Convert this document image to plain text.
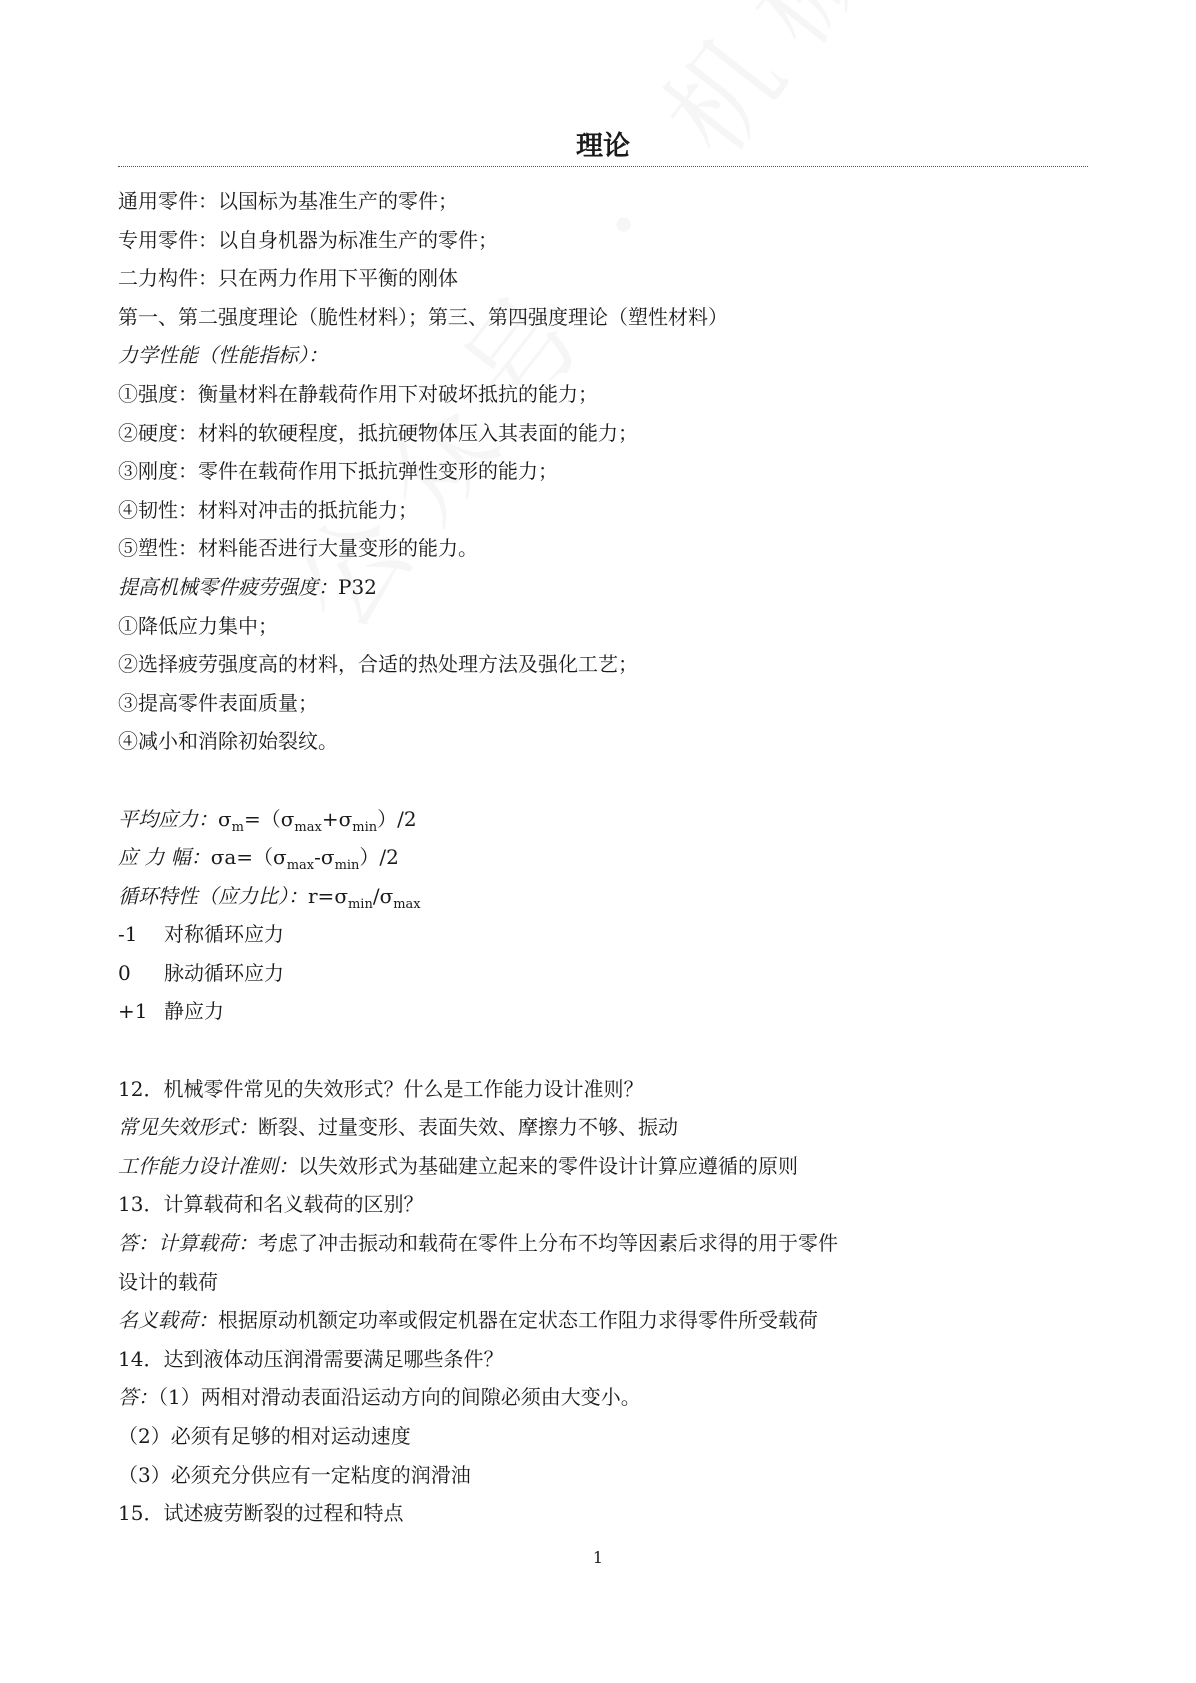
理论
通用零件：以国标为基准生产的零件；
专用零件：以自身机器为标准生产的零件；
二力构件：只在两力作用下平衡的刚体
第一、第二强度理论（脆性材料）；第三、第四强度理论（塑性材料）
力学性能（性能指标）：
①强度：衡量材料在静载荷作用下对破坏抵抗的能力；
②硬度：材料的软硬程度，抵抗硬物体压入其表面的能力；
③刚度：零件在载荷作用下抵抗弹性变形的能力；
④韧性：材料对冲击的抵抗能力；
⑤塑性：材料能否进行大量变形的能力。
提高机械零件疲劳强度：P32
①降低应力集中；
②选择疲劳强度高的材料，合适的热处理方法及强化工艺；
③提高零件表面质量；
④减小和消除初始裂纹。
平均应力：$\sigma_m=(\sigma_{max}+\sigma_{min})/2$
应 力 幅：$\sigma a=(\sigma_{max}-\sigma_{min})/2$
循环特性（应力比）：$r=\sigma_{min}/\sigma_{max}$
-1 对称循环应力
0 脉动循环应力
+1 静应力
12．机械零件常见的失效形式？什么是工作能力设计准则？
常见失效形式：断裂、过量变形、表面失效、摩擦力不够、振动
工作能力设计准则：以失效形式为基础建立起来的零件设计计算应遵循的原则
13．计算载荷和名义载荷的区别？
答：计算载荷：考虑了冲击振动和载荷在零件上分布不均等因素后求得的用于零件
设计的载荷
名义载荷：根据原动机额定功率或假定机器在定状态工作阻力求得零件所受载荷
14．达到液体动压润滑需要满足哪些条件？
答：（1）两相对滑动表面沿运动方向的间隙必须由大变小。
（2）必须有足够的相对运动速度
（3）必须充分供应有一定粘度的润滑油
15．试述疲劳断裂的过程和特点
1
